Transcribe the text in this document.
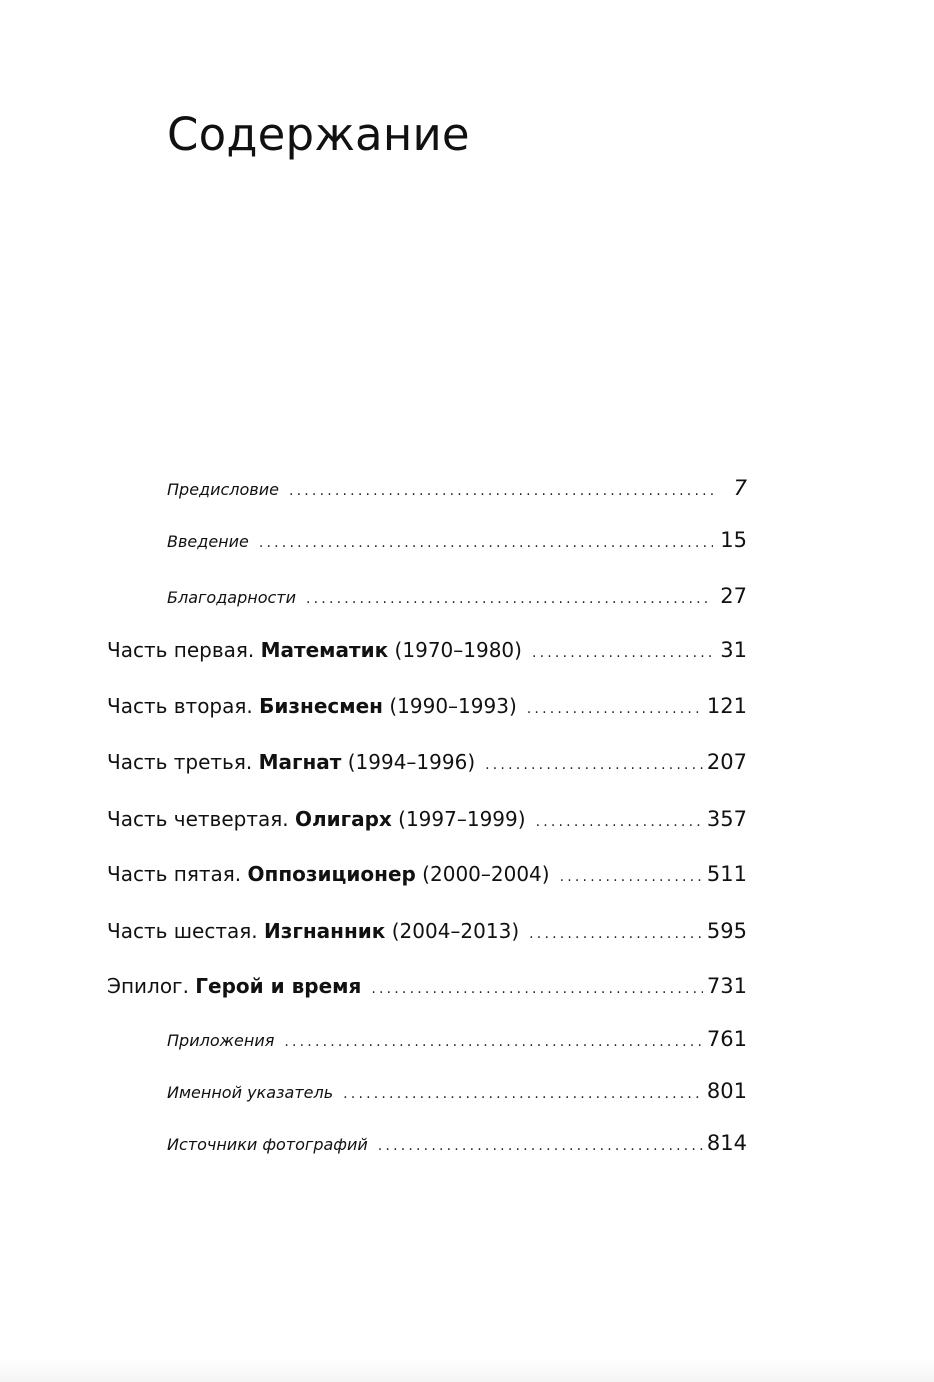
Содержание
Предисловие .....	7
Введение .....	15
Благодарности .....	27
Часть первая. Математик (1970–1980) .....	31
Часть вторая. Бизнесмен (1990–1993) .....	121
Часть третья. Магнат (1994–1996) .....	207
Часть четвертая. Олигарх (1997–1999) .....	357
Часть пятая. Оппозиционер (2000–2004) .....	511
Часть шестая. Изгнанник (2004–2013) .....	595
Эпилог. Герой и время .....	731
Приложения .....	761
Именной указатель .....	801
Источники фотографий .....	814
